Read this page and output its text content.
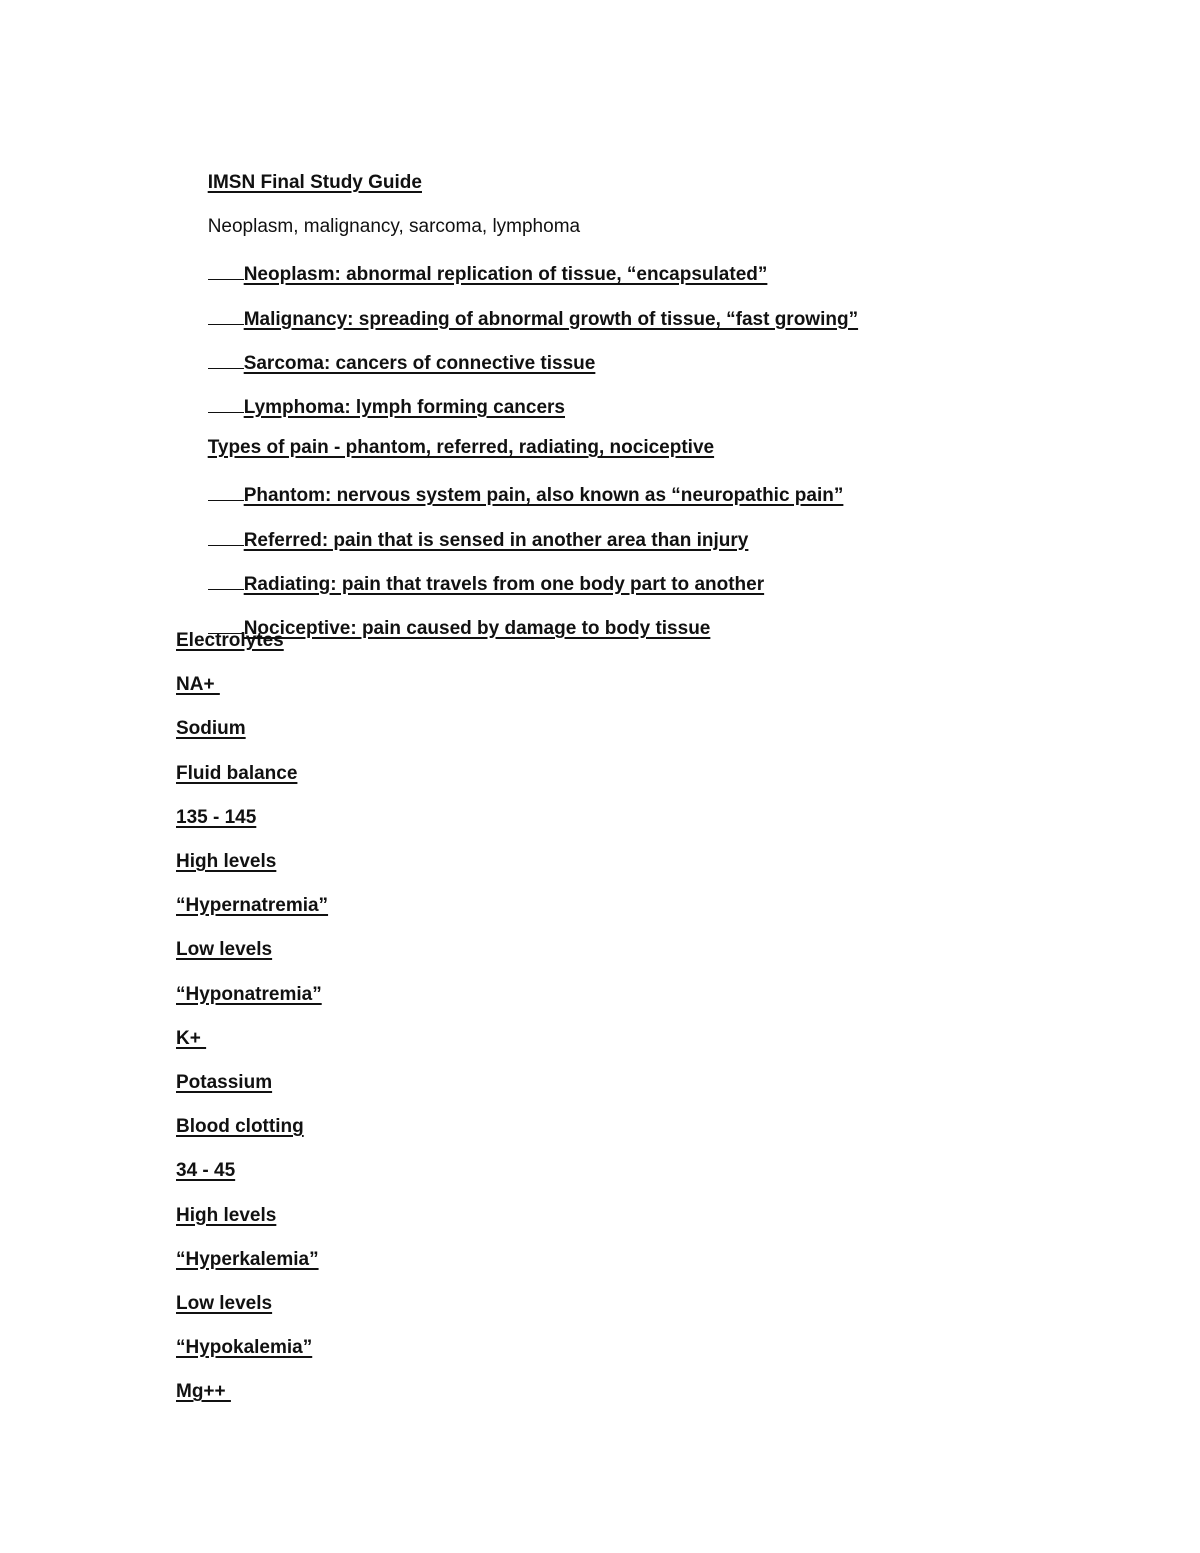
IMSN Final Study Guide

Neoplasm, malignancy, sarcoma, lymphoma

Neoplasm: abnormal replication of tissue, “encapsulated”

Malignancy: spreading of abnormal growth of tissue, “fast growing”

Sarcoma: cancers of connective tissue

Lymphoma: lymph forming cancers

Types of pain - phantom, referred, radiating, nociceptive

Phantom: nervous system pain, also known as “neuropathic pain”

Referred: pain that is sensed in another area than injury

Radiating: pain that travels from one body part to another

Nociceptive: pain caused by damage to body tissue

Electrolytes
NA+
Sodium
Fluid balance
135 - 145
High levels
“Hypernatremia”
Low levels
“Hyponatremia”
K+
Potassium
Blood clotting
34 - 45
High levels
“Hyperkalemia”
Low levels
“Hypokalemia”
Mg++
